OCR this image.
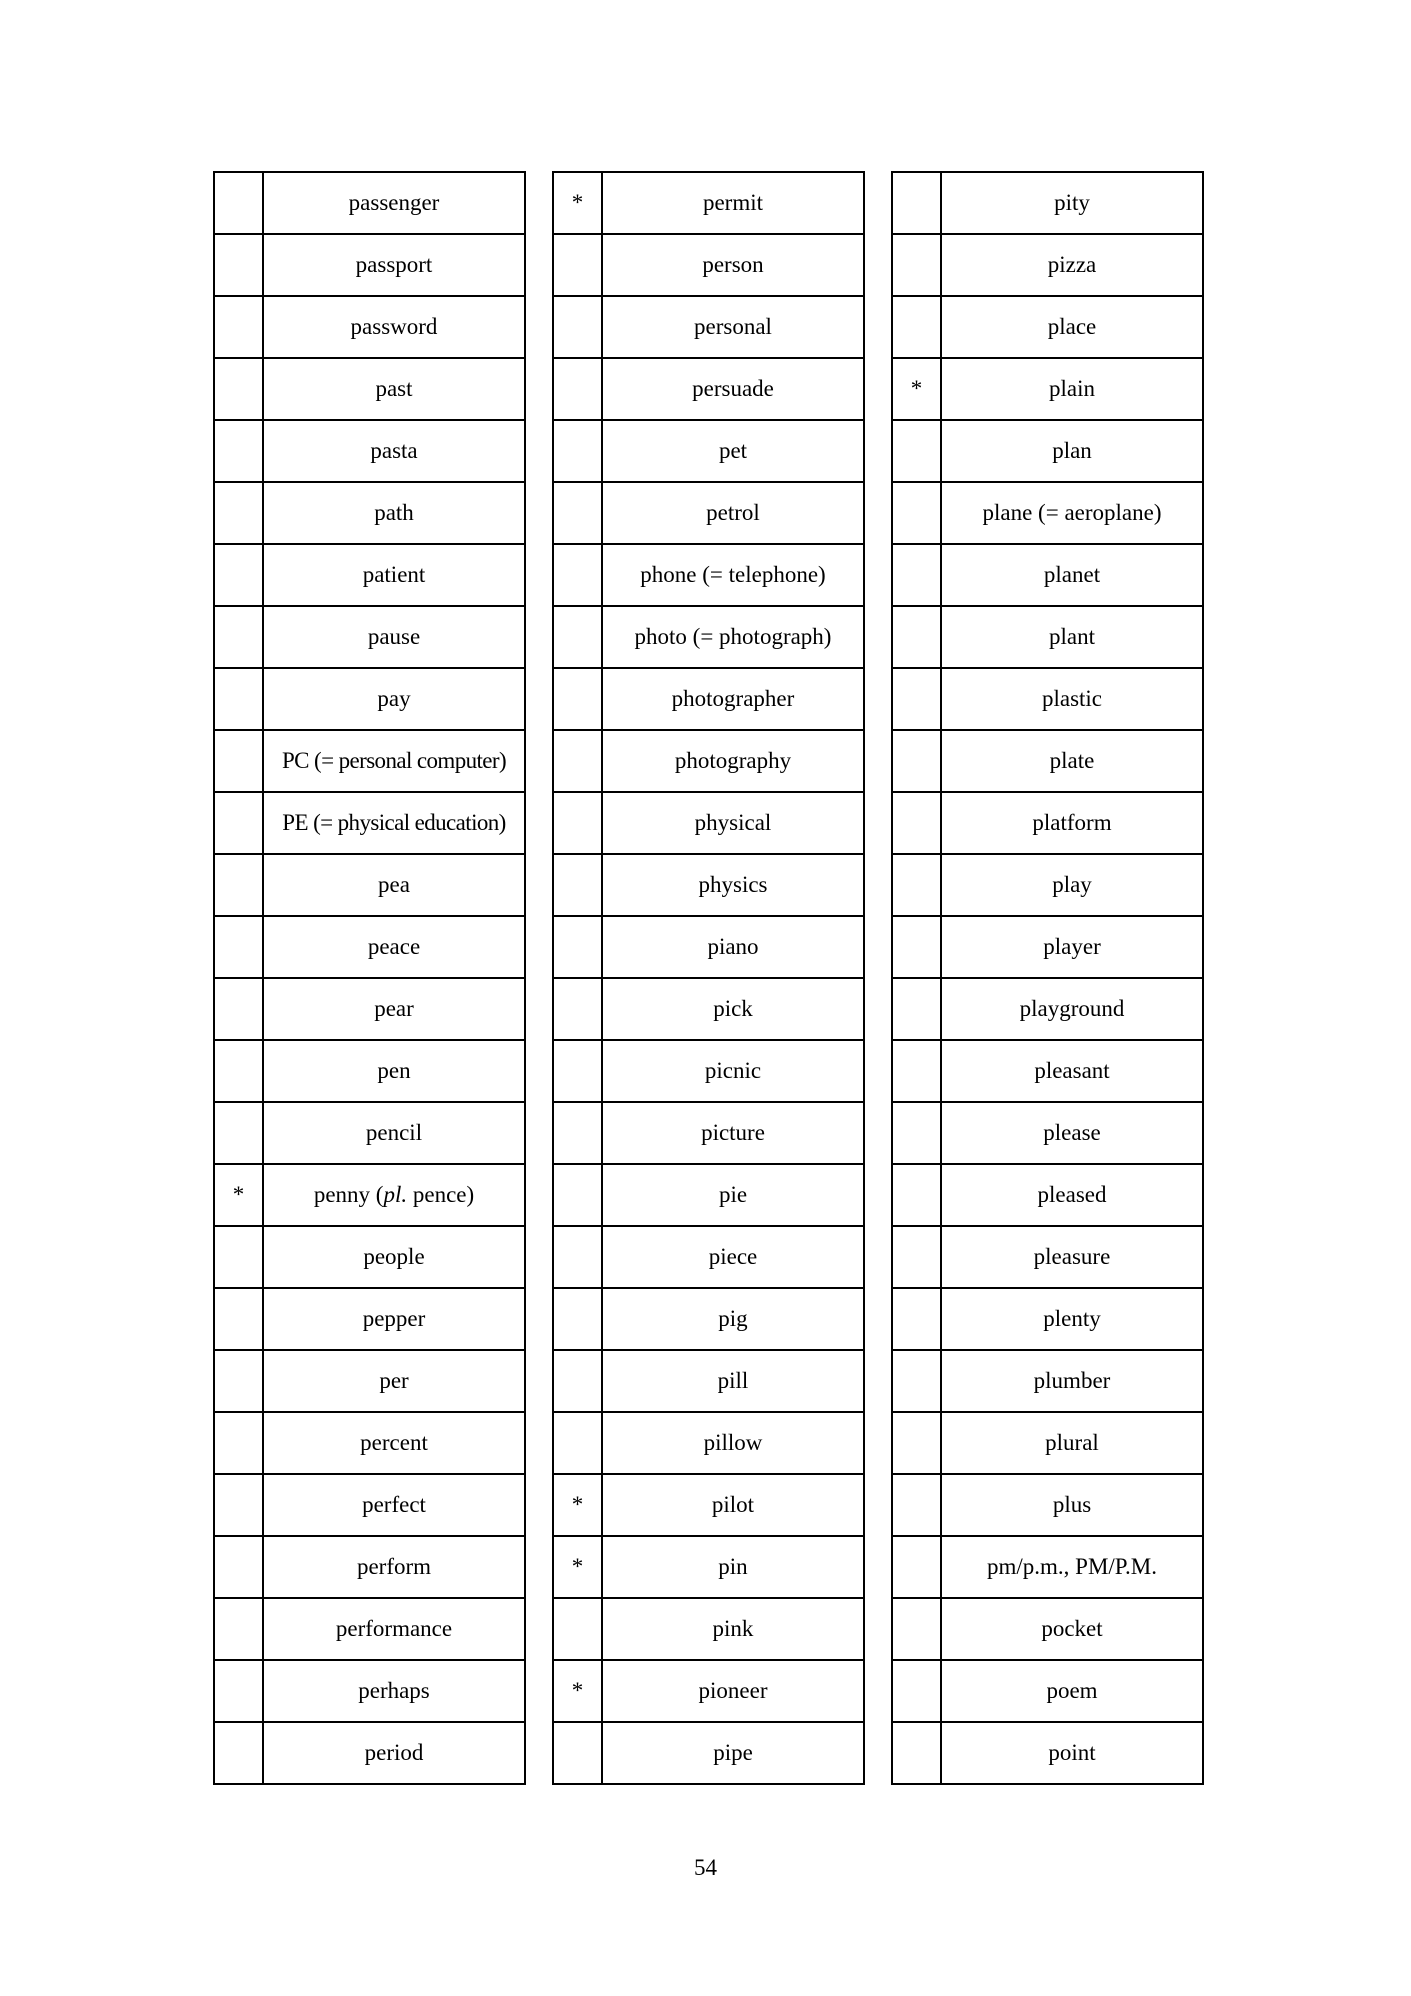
	passenger
	passport
	password
	past
	pasta
	path
	patient
	pause
	pay
	PC (= personal computer)
	PE (= physical education)
	pea
	peace
	pear
	pen
	pencil
*	penny (pl. pence)
	people
	pepper
	per
	percent
	perfect
	perform
	performance
	perhaps
	period
*	permit
	person
	personal
	persuade
	pet
	petrol
	phone (= telephone)
	photo (= photograph)
	photographer
	photography
	physical
	physics
	piano
	pick
	picnic
	picture
	pie
	piece
	pig
	pill
	pillow
*	pilot
*	pin
	pink
*	pioneer
	pipe
	pity
	pizza
	place
*	plain
	plan
	plane (= aeroplane)
	planet
	plant
	plastic
	plate
	platform
	play
	player
	playground
	pleasant
	please
	pleased
	pleasure
	plenty
	plumber
	plural
	plus
	pm/p.m., PM/P.M.
	pocket
	poem
	point
54
